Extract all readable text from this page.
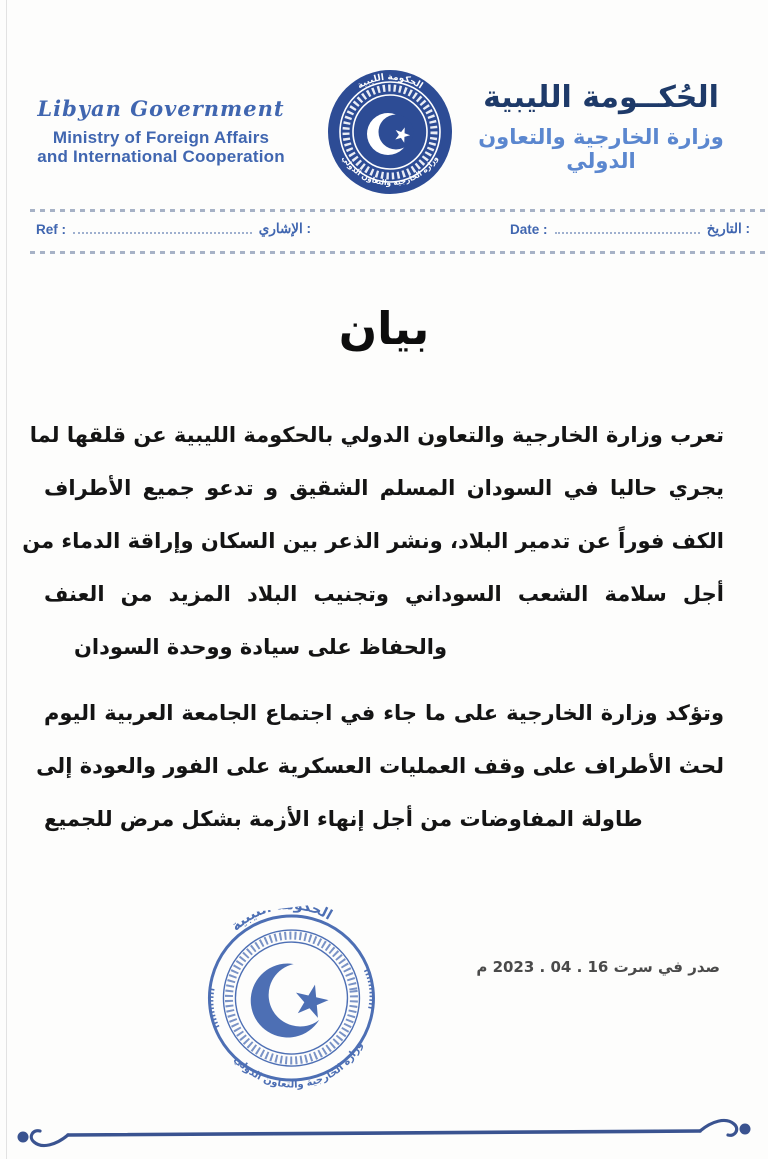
Libyan Government
Ministry of Foreign Affairs
and International Cooperation
الحكومة الليبية
وزارة الخارجية والتعاون الدولي
الحُكــومة الليبية
وزارة الخارجية والتعاون الدولي
Ref :	الإشاري :	Date :	التاريخ :
بيان
تعرب وزارة الخارجية والتعاون الدولي بالحكومة الليبية عن قلقها لما
يجري حاليا في السودان المسلم الشقيق و تدعو جميع الأطراف
الكف فوراً عن تدمير البلاد، ونشر الذعر بين السكان وإراقة الدماء من
أجل سلامة الشعب السوداني وتجنيب البلاد المزيد من العنف
والحفاظ على سيادة ووحدة السودان
وتؤكد وزارة الخارجية على ما جاء في اجتماع الجامعة العربية اليوم
لحث الأطراف على وقف العمليات العسكرية على الفور والعودة إلى
طاولة المفاوضات من أجل إنهاء الأزمة بشكل مرض للجميع
الحكومة الليبية
وزارة الخارجية والتعاون الدولي
صدر في سرت 16 . 04 . 2023 م
